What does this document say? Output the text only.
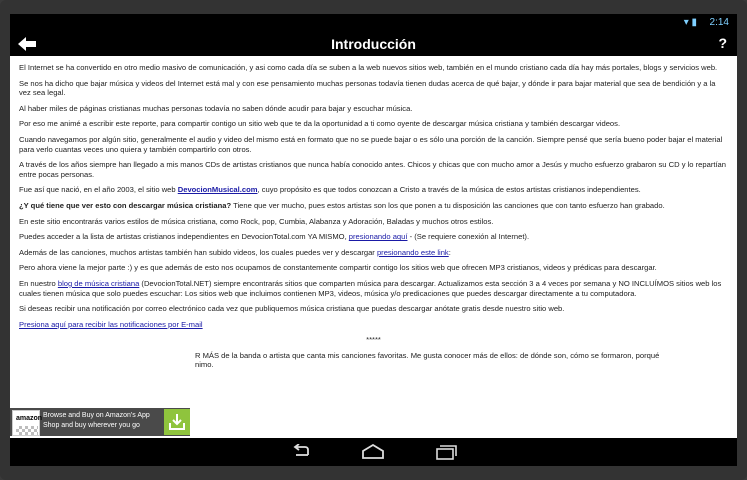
▾ ▮ 2:14
Introducción	?

El Internet se ha convertido en otro medio masivo de comunicación, y asi como cada día se suben a la web nuevos sitios web, también en el mundo cristiano cada día hay más portales, blogs y servicios web.

Se nos ha dicho que bajar música y videos del Internet está mal y con ese pensamiento muchas personas todavía tienen dudas acerca de qué bajar, y dónde ir para bajar material que sea de bendición y a la vez sea legal.

Al haber miles de páginas cristianas muchas personas todavía no saben dónde acudir para bajar y escuchar música.

Por eso me animé a escribir este reporte, para compartir contigo un sitio web que te da la oportunidad a ti como oyente de descargar música cristiana y también descargar videos.

Cuando navegamos por algún sitio, generalmente el audio y video del mismo está en formato que no se puede bajar o es sólo una porción de la canción. Siempre pensé que sería bueno poder bajar el material para verlo cuantas veces uno quiera y también compartirlo con otros.

A través de los años siempre han llegado a mis manos CDs de artistas cristianos que nunca había conocido antes. Chicos y chicas que con mucho amor a Jesús y mucho esfuerzo grabaron su CD y lo repartían entre pocas personas.

Fue así que nació, en el año 2003, el sitio web DevocionMusical.com, cuyo propósito es que todos conozcan a Cristo a través de la música de estos artistas cristianos independientes.

¿Y qué tiene que ver esto con descargar música cristiana? Tiene que ver mucho, pues estos artistas son los que ponen a tu disposición las canciones que con tanto esfuerzo han grabado.

En este sitio encontrarás varios estilos de música cristiana, como Rock, pop, Cumbia, Alabanza y Adoración, Baladas y muchos otros estilos.

Puedes acceder a la lista de artistas cristianos independientes en DevocionTotal.com YA MISMO, presionando aquí - (Se requiere conexión al Internet).

Además de las canciones, muchos artistas también han subido videos, los cuales puedes ver y descargar presionando este link:

Pero ahora viene la mejor parte :) y es que además de esto nos ocupamos de constantemente compartir contigo los sitios web que ofrecen MP3 cristianos, videos y prédicas para descargar.

En nuestro blog de música cristiana (DevocionTotal.NET) siempre encontrarás sitios que comparten música para descargar. Actualizamos esta sección 3 a 4 veces por semana y NO INCLUÍMOS sitios web los cuales tienen música que solo puedes escuchar: Los sitios web que incluimos contienen MP3, videos, música y/o predicaciones que puedes descargar directamente a tu computadora.

Si deseas recibir una notificación por correo electrónico cada vez que publiquemos música cristiana que puedas descargar anótate gratis desde nuestro sitio web.

Presiona aquí para recibir las notificaciones por E-mail

*****

R MÁS de la banda o artista que canta mis canciones favoritas. Me gusta conocer más de ellos: de dónde son, cómo se formaron, porqué
nimo.

amazon Browse and Buy on Amazon's App Shop and buy wherever you go
